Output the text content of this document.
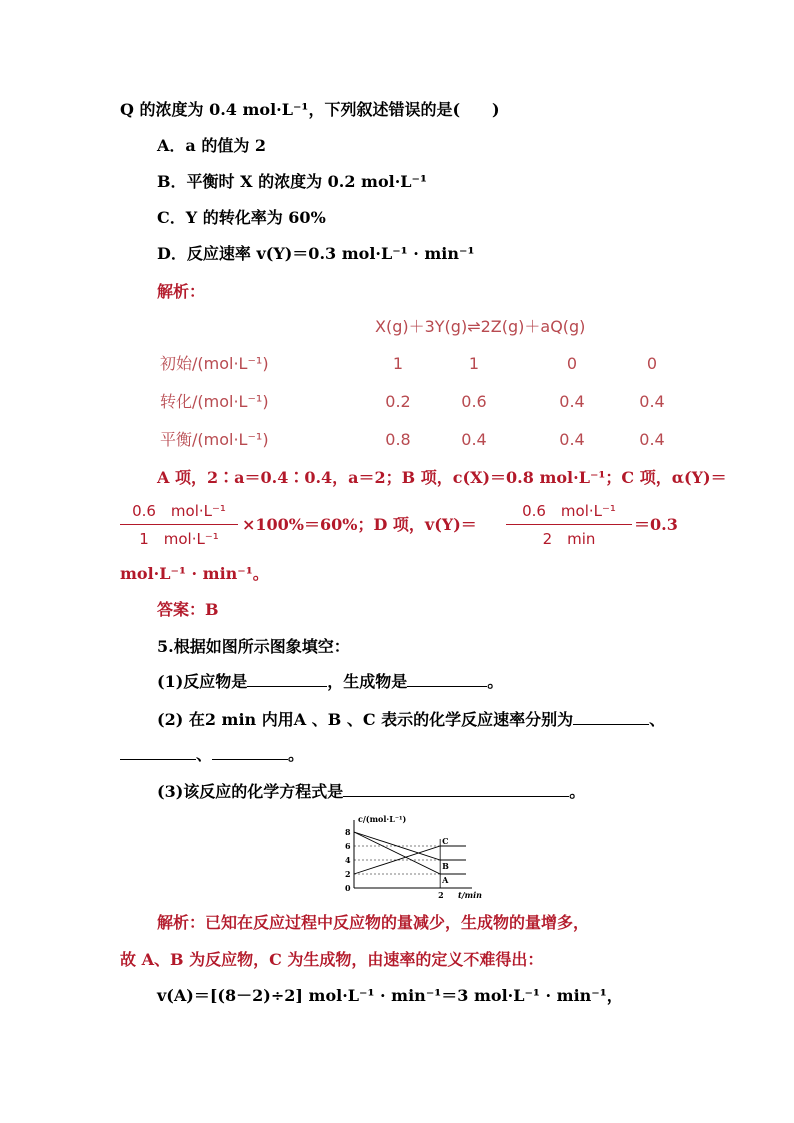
Q 的浓度为 0.4 mol·L⁻¹，下列叙述错误的是(　　)
A．a 的值为 2
B．平衡时 X 的浓度为 0.2 mol·L⁻¹
C．Y 的转化率为 60%
D．反应速率 v(Y)＝0.3 mol·L⁻¹ · min⁻¹
解析：
X(g)＋3Y(g)⇌2Z(g)＋aQ(g)
初始/(mol·L⁻¹)	1	1	0	0
转化/(mol·L⁻¹)	0.2	0.6	0.4	0.4
平衡/(mol·L⁻¹)	0.8	0.4	0.4	0.4
A 项，2∶a＝0.4∶0.4，a＝2；B 项，c(X)＝0.8 mol·L⁻¹；C 项，α(Y)＝
0.6　mol·L⁻¹
1　mol·L⁻¹
×100%＝60%；D 项，v(Y)＝
0.6　mol·L⁻¹
2　min
＝0.3
mol·L⁻¹ · min⁻¹。
答案：B
5.根据如图所示图象填空：
(1)反应物是	，生成物是	。
(2) 在2 min 内用A 、B 、C 表示的化学反应速率分别为	、
、	。
(3)该反应的化学方程式是	。
c/(mol·L⁻¹)
t/min
2
4
6
8
0
2
A
B
C
解析：已知在反应过程中反应物的量减少，生成物的量增多，
故 A、B 为反应物，C 为生成物，由速率的定义不难得出：
v(A)＝[(8－2)÷2] mol·L⁻¹ · min⁻¹＝3 mol·L⁻¹ · min⁻¹，
